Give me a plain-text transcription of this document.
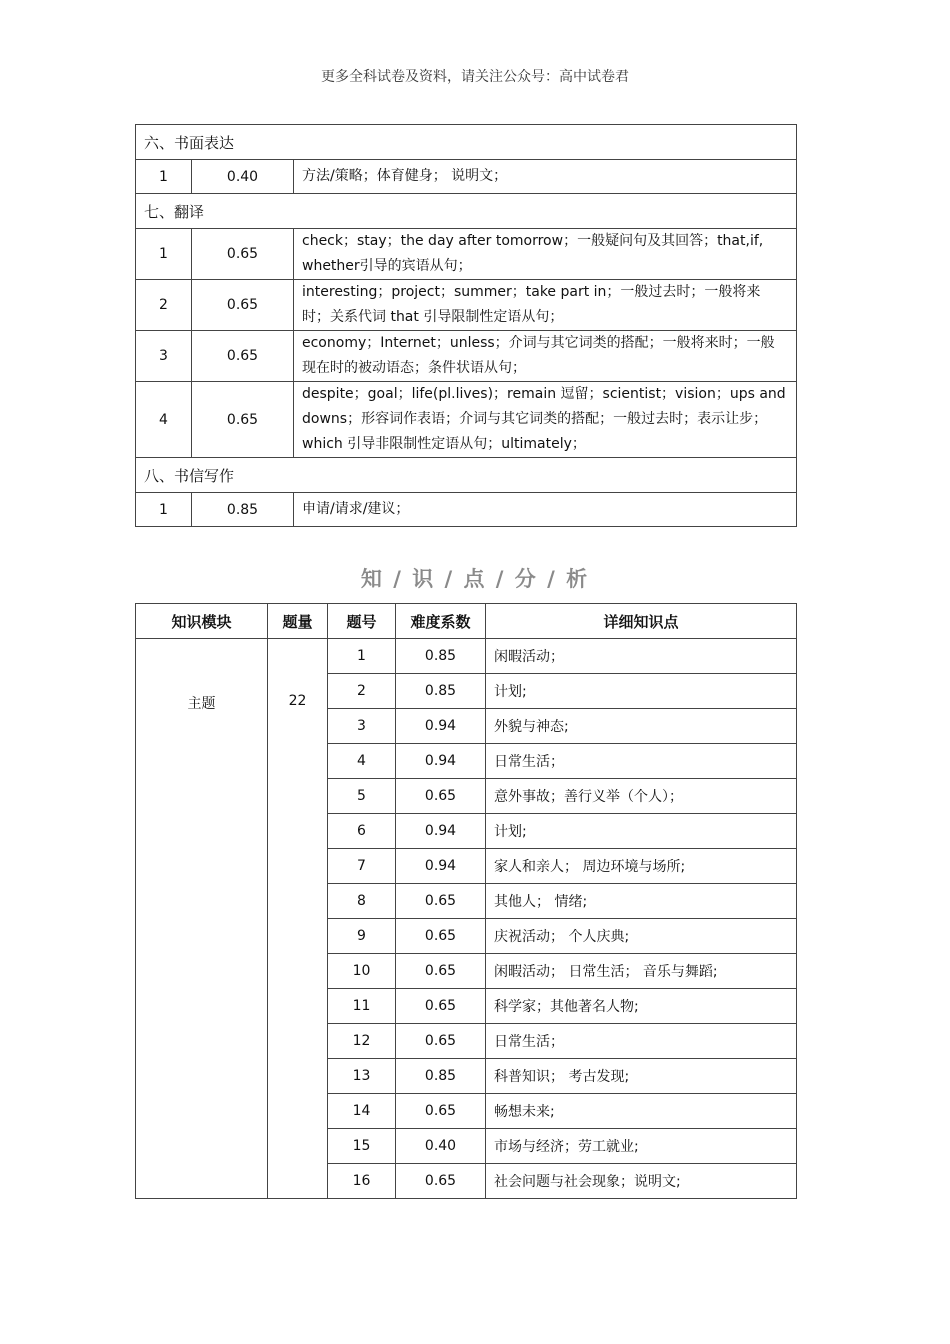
更多全科试卷及资料，请关注公众号：高中试卷君
六、书面表达		
1	0.40	方法/策略；体育健身； 说明文；
七、翻译		
1	0.65	check；stay；the day after tomorrow；一般疑问句及其回答；that,if, whether引导的宾语从句；
2	0.65	interesting；project；summer；take part in；一般过去时；一般将来时；关系代词 that 引导限制性定语从句；
3	0.65	economy；Internet；unless；介词与其它词类的搭配；一般将来时；一般现在时的被动语态；条件状语从句；
4	0.65	despite；goal；life(pl.lives)；remain 逗留；scientist；vision；ups and downs；形容词作表语；介词与其它词类的搭配；一般过去时；表示让步；which 引导非限制性定语从句；ultimately；
八、书信写作		
1	0.85	申请/请求/建议；
知 / 识 / 点 / 分 / 析
知识模块	题量	题号	难度系数	详细知识点
主题	22	1	0.85	闲暇活动；
		2	0.85	计划;
		3	0.94	外貌与神态;
		4	0.94	日常生活；
		5	0.65	意外事故；善行义举（个人）；
		6	0.94	计划;
		7	0.94	家人和亲人； 周边环境与场所;
		8	0.65	其他人； 情绪;
		9	0.65	庆祝活动； 个人庆典;
		10	0.65	闲暇活动； 日常生活； 音乐与舞蹈;
		11	0.65	科学家；其他著名人物;
		12	0.65	日常生活；
		13	0.85	科普知识； 考古发现;
		14	0.65	畅想未来;
		15	0.40	市场与经济；劳工就业;
		16	0.65	社会问题与社会现象；说明文;
